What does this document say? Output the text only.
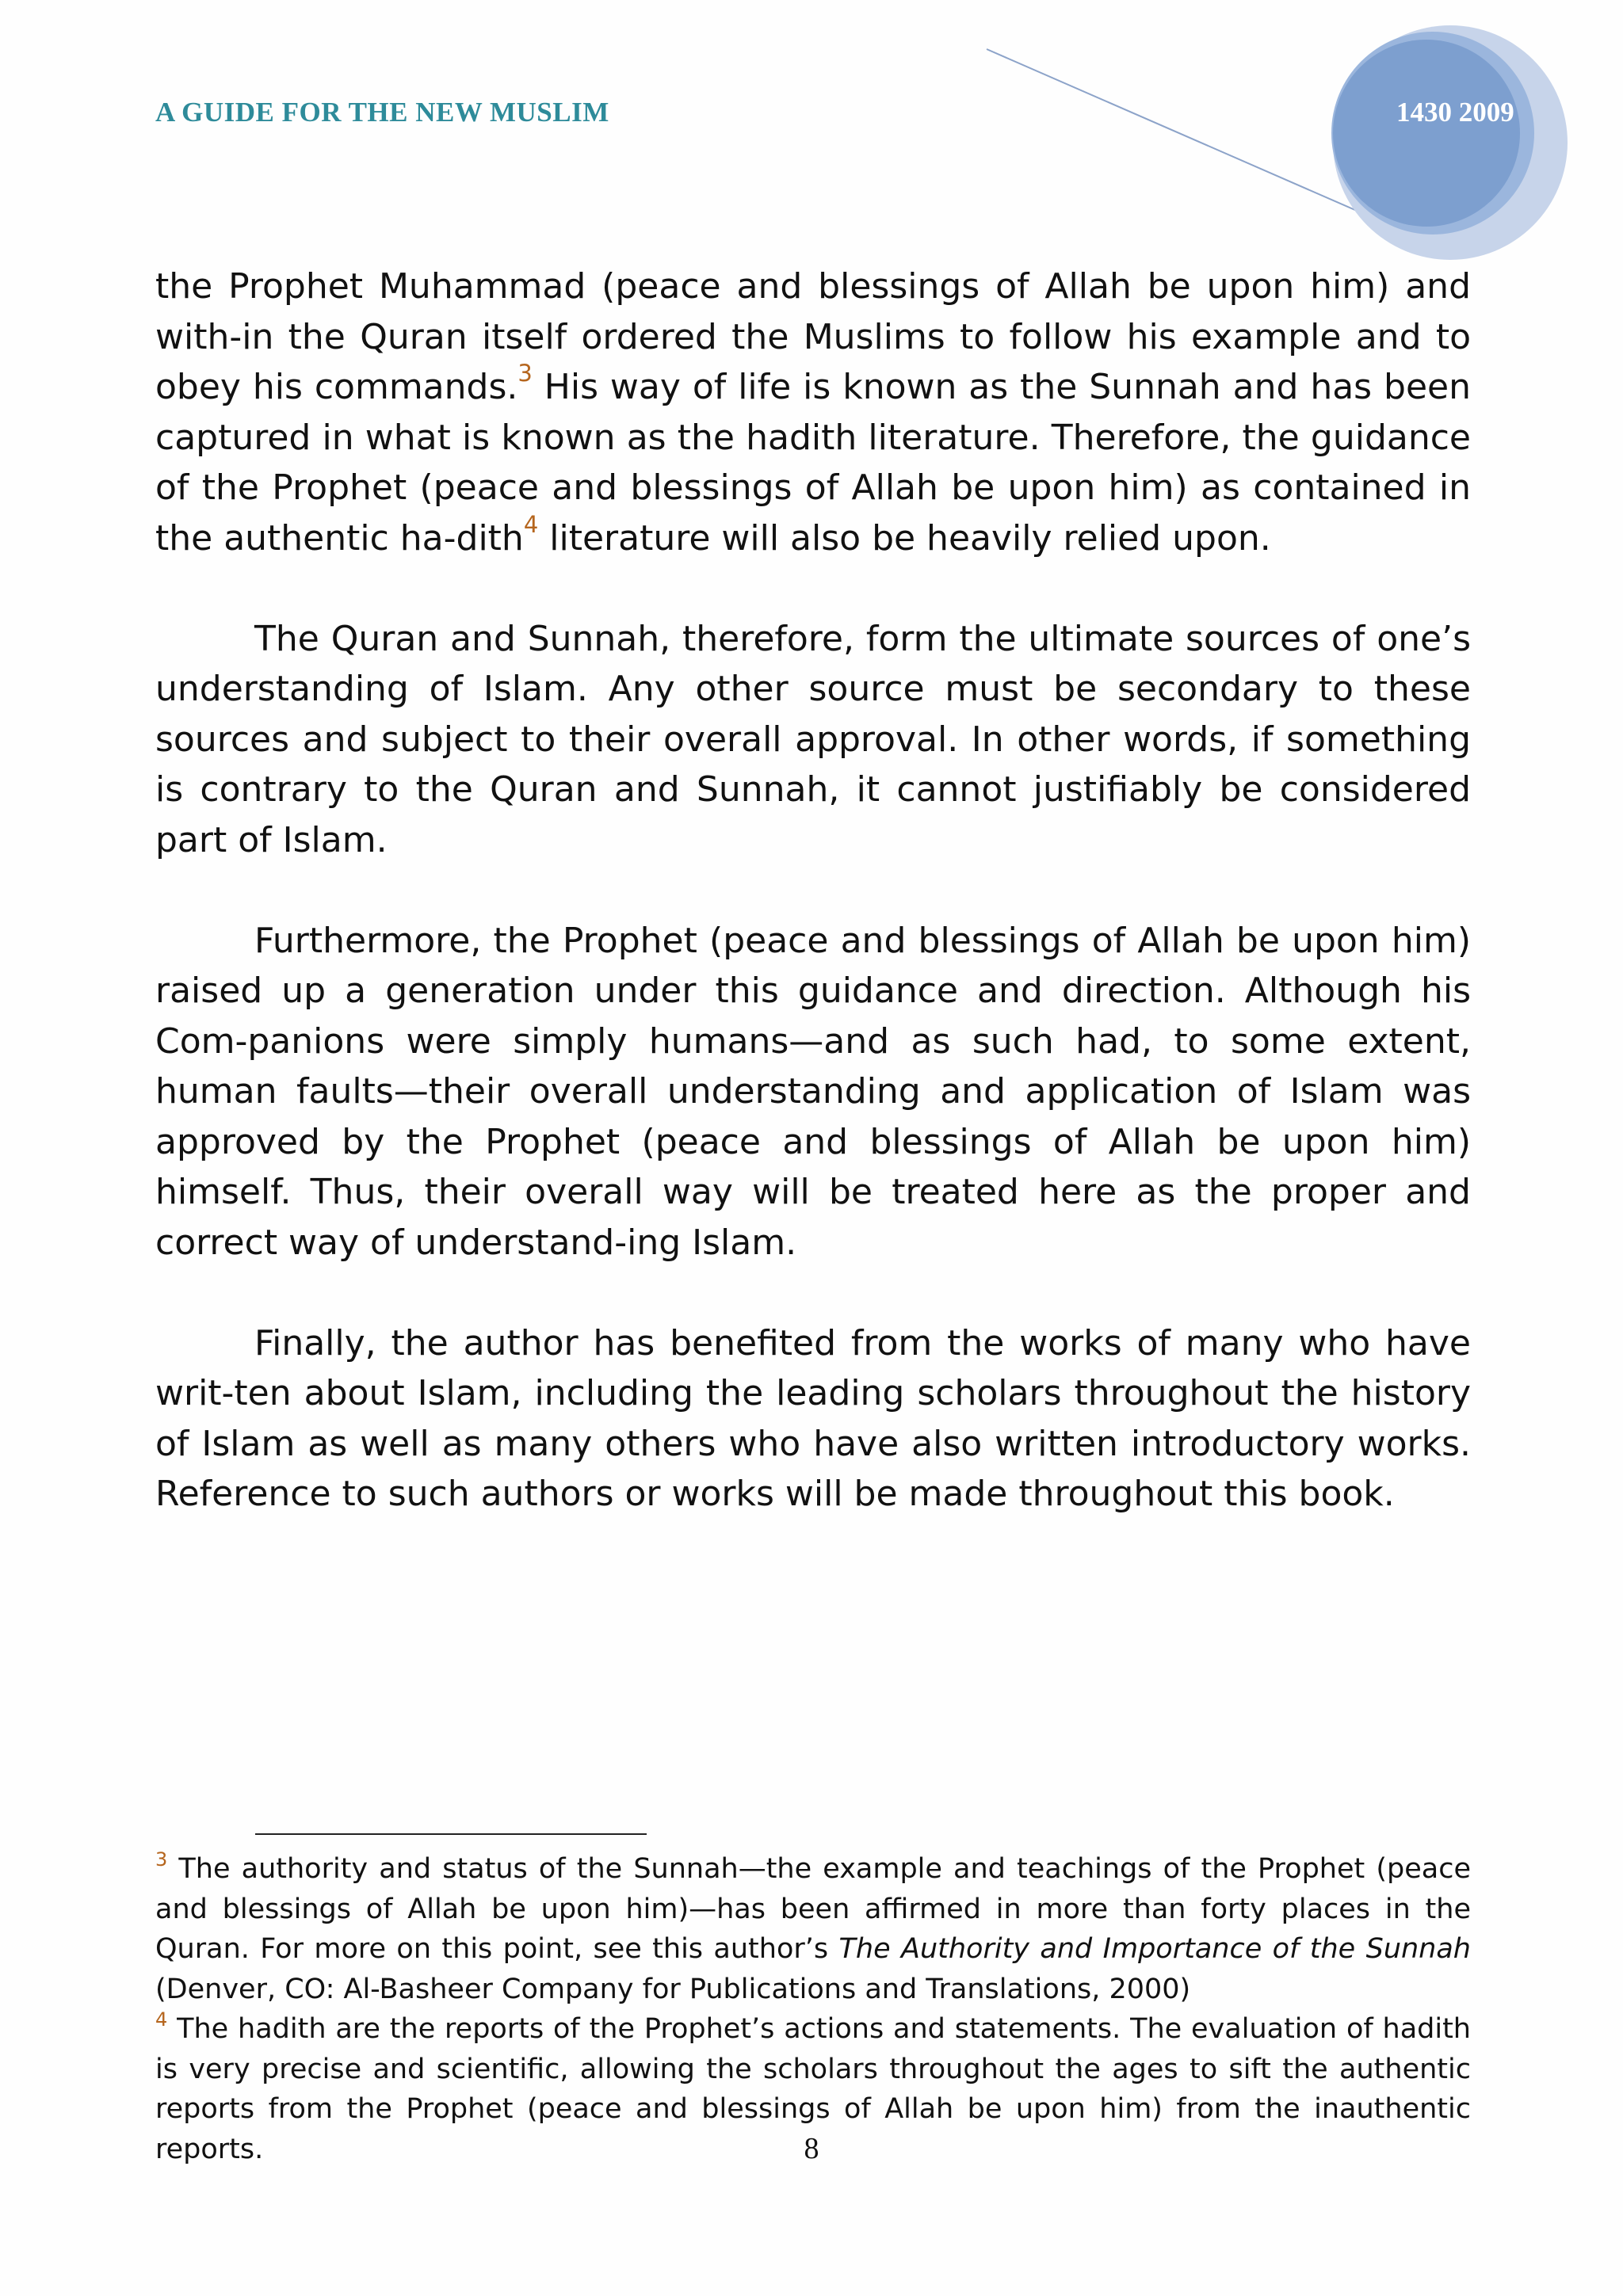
A GUIDE FOR THE NEW MUSLIM	1430 2009

the Prophet Muhammad (peace and blessings of Allah be upon him) and with-in the Quran itself ordered the Muslims to follow his example and to obey his commands.$^3$ His way of life is known as the Sunnah and has been captured in what is known as the hadith literature. Therefore, the guidance of the Prophet (peace and blessings of Allah be upon him) as contained in the authentic ha-dith$^4$ literature will also be heavily relied upon.

The Quran and Sunnah, therefore, form the ultimate sources of one’s understanding of Islam. Any other source must be secondary to these sources and subject to their overall approval. In other words, if something is contrary to the Quran and Sunnah, it cannot justifiably be considered part of Islam.

Furthermore, the Prophet (peace and blessings of Allah be upon him) raised up a generation under this guidance and direction. Although his Com-panions were simply humans—and as such had, to some extent, human faults—their overall understanding and application of Islam was approved by the Prophet (peace and blessings of Allah be upon him) himself. Thus, their overall way will be treated here as the proper and correct way of understand-ing Islam.

Finally, the author has benefited from the works of many who have writ-ten about Islam, including the leading scholars throughout the history of Islam as well as many others who have also written introductory works. Reference to such authors or works will be made throughout this book.

$^3$ The authority and status of the Sunnah—the example and teachings of the Prophet (peace and blessings of Allah be upon him)—has been affirmed in more than forty places in the Quran. For more on this point, see this author’s The Authority and Importance of the Sunnah (Denver, CO: Al-Basheer Company for Publications and Translations, 2000)

$^4$ The hadith are the reports of the Prophet’s actions and statements. The evaluation of hadith is very precise and scientific, allowing the scholars throughout the ages to sift the authentic reports from the Prophet (peace and blessings of Allah be upon him) from the inauthentic reports.	8
